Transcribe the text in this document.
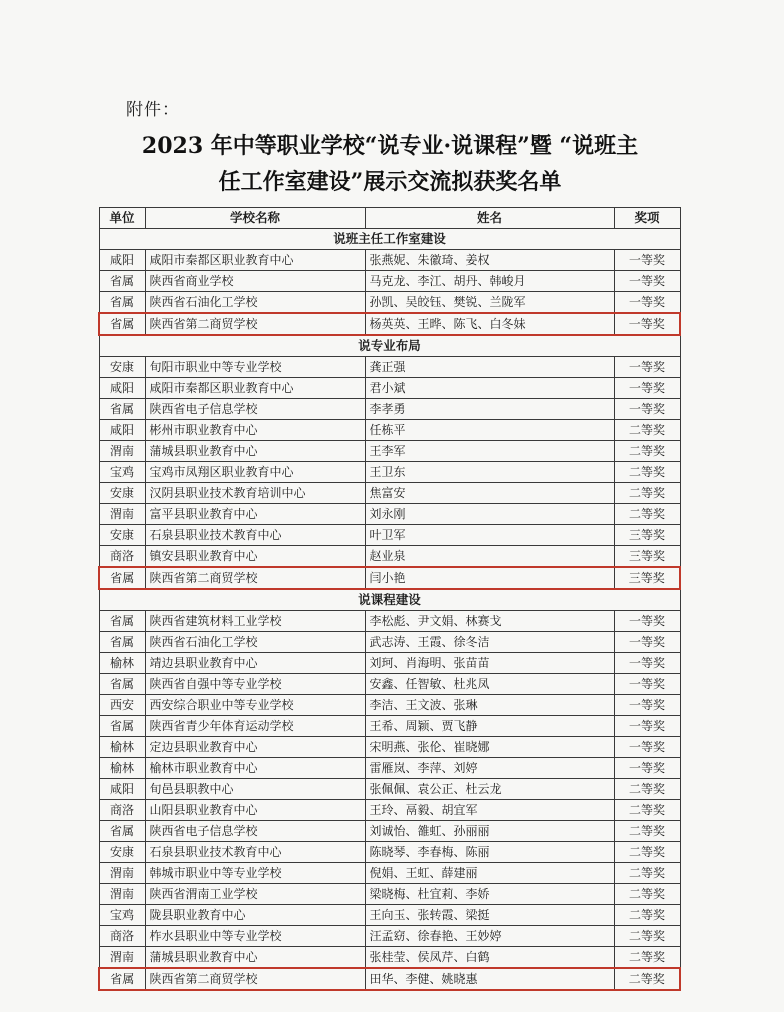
附件：
2023 年中等职业学校“说专业·说课程”暨 “说班主
任工作室建设”展示交流拟获奖名单
单位	学校名称	姓名	奖项
说班主任工作室建设			
咸阳	咸阳市秦都区职业教育中心	张燕妮、朱徽琦、姜权	一等奖
省属	陕西省商业学校	马克龙、李江、胡丹、韩峻月	一等奖
省属	陕西省石油化工学校	孙凯、吴皎钰、樊锐、兰陇军	一等奖
省属	陕西省第二商贸学校	杨英英、王晔、陈飞、白冬妹	一等奖
说专业布局			
安康	旬阳市职业中等专业学校	龚正强	一等奖
咸阳	咸阳市秦都区职业教育中心	君小斌	一等奖
省属	陕西省电子信息学校	李孝勇	一等奖
咸阳	彬州市职业教育中心	任栋平	二等奖
渭南	蒲城县职业教育中心	王李军	二等奖
宝鸡	宝鸡市凤翔区职业教育中心	王卫东	二等奖
安康	汉阴县职业技术教育培训中心	焦富安	二等奖
渭南	富平县职业教育中心	刘永刚	二等奖
安康	石泉县职业技术教育中心	叶卫军	三等奖
商洛	镇安县职业教育中心	赵业泉	三等奖
省属	陕西省第二商贸学校	闫小艳	三等奖
说课程建设			
省属	陕西省建筑材料工业学校	李松彪、尹文娟、林赛戈	一等奖
省属	陕西省石油化工学校	武志涛、王霞、徐冬洁	一等奖
榆林	靖边县职业教育中心	刘珂、肖海明、张苗苗	一等奖
省属	陕西省自强中等专业学校	安鑫、任智敏、杜兆凤	一等奖
西安	西安综合职业中等专业学校	李洁、王文波、张琳	一等奖
省属	陕西省青少年体育运动学校	王希、周颖、贾飞静	一等奖
榆林	定边县职业教育中心	宋明燕、张伦、崔晓娜	一等奖
榆林	榆林市职业教育中心	雷雁岚、李萍、刘婷	一等奖
咸阳	旬邑县职教中心	张佩佩、袁公正、杜云龙	二等奖
商洛	山阳县职业教育中心	王玲、鬲毅、胡宜军	二等奖
省属	陕西省电子信息学校	刘诚怡、雒虹、孙丽丽	二等奖
安康	石泉县职业技术教育中心	陈晓琴、李春梅、陈丽	二等奖
渭南	韩城市职业中等专业学校	倪娟、王虹、薛建丽	二等奖
渭南	陕西省渭南工业学校	梁晓梅、杜宜莉、李娇	二等奖
宝鸡	陇县职业教育中心	王向玉、张转霞、梁挺	二等奖
商洛	柞水县职业中等专业学校	汪孟窈、徐春艳、王妙婷	二等奖
渭南	蒲城县职业教育中心	张桂莹、侯凤芹、白鹤	二等奖
省属	陕西省第二商贸学校	田华、李健、姚晓惠	二等奖
